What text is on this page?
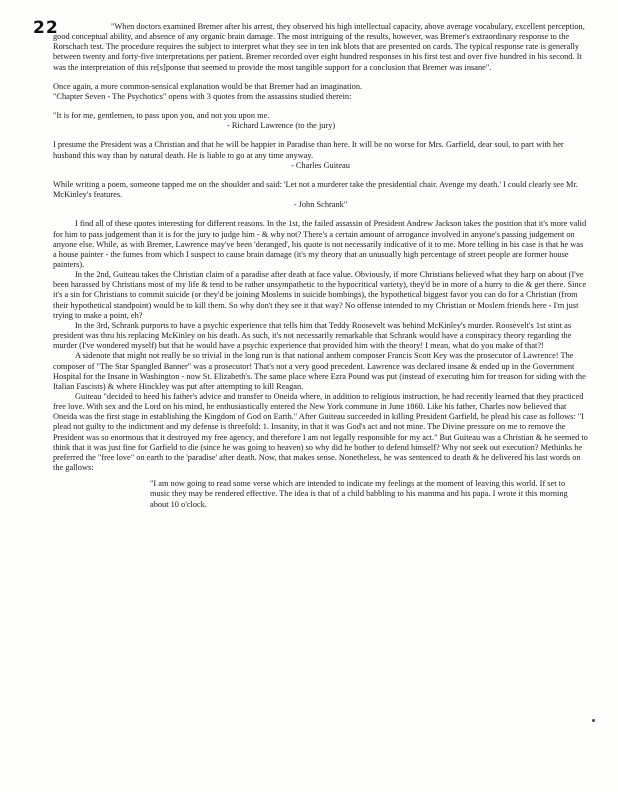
22	"When doctors examined Bremer after his arrest, they observed his high intellectual capacity, above average vocabulary, excellent perception, good conceptual ability, and absence of any organic brain damage. The most intriguing of the results, however, was Bremer's extraordinary response to the Rorschach test. The procedure requires the subject to interpret what they see in ten ink blots that are presented on cards. The typical response rate is generally between twenty and forty-five interpretations per patient. Bremer recorded over eight hundred responses in his first test and over five hundred in his second. It was the interpretation of this re[s]ponse that seemed to provide the most tangible support for a conclusion that Bremer was insane".

Once again, a more common-sensical explanation would be that Bremer had an imagination.

"Chapter Seven - The Psychotics" opens with 3 quotes from the assassins studied therein:

"It is for me, gentlemen, to pass upon you, and not you upon me.

- Richard Lawrence (to the jury)

I presume the President was a Christian and that he will be happier in Paradise than here. It will be no worse for Mrs. Garfield, dear soul, to part with her husband this way than by natural death. He is liable to go at any time anyway.

- Charles Guiteau

While writing a poem, someone tapped me on the shoulder and said: 'Let not a murderer take the presidential chair. Avenge my death.' I could clearly see Mr. McKinley's features.

- John Schrank"

I find all of these quotes interesting for different reasons. In the 1st, the failed assassin of President Andrew Jackson takes the position that it's more valid for him to pass judgement than it is for the jury to judge him - & why not? There's a certain amount of arrogance involved in anyone's passing judgement on anyone else. While, as with Bremer, Lawrence may've been 'deranged', his quote is not necessarily indicative of it to me. More telling in his case is that he was a house painter - the fumes from which I suspect to cause brain damage (it's my theory that an unusually high percentage of street people are former house painters).

In the 2nd, Guiteau takes the Christian claim of a paradise after death at face value. Obviously, if more Christians believed what they harp on about (I've been harassed by Christians most of my life & tend to be rather unsympathetic to the hypocritical variety), they'd be in more of a hurry to die & get there. Since it's a sin for Christians to commit suicide (or they'd be joining Moslems in suicide bombings), the hypothetical biggest favor you can do for a Christian (from their hypothetical standpoint) would be to kill them. So why don't they see it that way? No offense intended to my Christian or Moslem friends here - I'm just trying to make a point, eh?

In the 3rd, Schrank purports to have a psychic experience that tells him that Teddy Roosevelt was behind McKinley's murder. Roosevelt's 1st stint as president was thru his replacing McKinley on his death. As such, it's not necessarily remarkable that Schrank would have a conspiracy theory regarding the murder (I've wondered myself) but that he would have a psychic experience that provided him with the theory! I mean, what do you make of that?!

A sidenote that might not really be so trivial in the long run is that national anthem composer Francis Scott Key was the prosecutor of Lawrence! The composer of "The Star Spangled Banner" was a prosecutor! That's not a very good precedent. Lawrence was declared insane & ended up in the Government Hospital for the Insane in Washington - now St. Elizabeth's. The same place where Ezra Pound was put (instead of executing him for treason for siding with the Italian Fascists) & where Hinckley was put after attempting to kill Reagan.

Guiteau "decided to heed his father's advice and transfer to Oneida where, in addition to religious instruction, he had recently learned that they practiced free love. With sex and the Lord on his mind, he enthusiastically entered the New York commune in June 1860. Like his father, Charles now believed that Oneida was the first stage in establishing the Kingdom of God on Earth." After Guiteau succeeded in killing President Garfield, he plead his case as follows: "I plead not guilty to the indictment and my defense is threefold: 1. Insanity, in that it was God's act and not mine. The Divine pressure on me to remove the President was so enormous that it destroyed my free agency, and therefore I am not legally responsible for my act." But Guiteau was a Christian & he seemed to think that it was just fine for Garfield to die (since he was going to heaven) so why did he bother to defend himself? Why not seek out execution? Methinks he preferred the "free love" on earth to the 'paradise' after death. Now, that makes sense. Nonetheless, he was sentenced to death & he delivered his last words on the gallows:

"I am now going to read some verse which are intended to indicate my feelings at the moment of leaving this world. If set to music they may be rendered effective. The idea is that of a child babbling to his mamma and his papa. I wrote it this morning about 10 o'clock.
